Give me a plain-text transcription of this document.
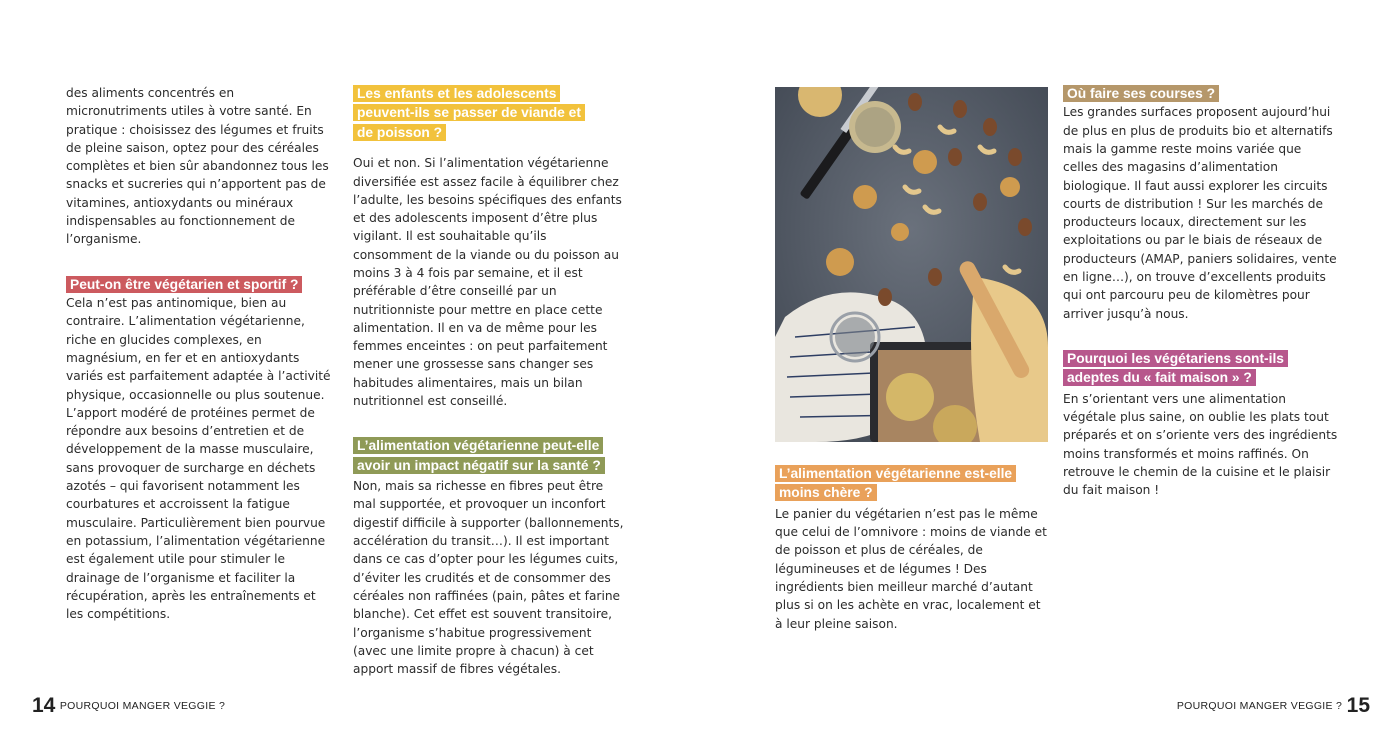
des aliments concentrés en micronutriments utiles à votre santé. En pratique : choisissez des légumes et fruits de pleine saison, optez pour des céréales complètes et bien sûr abandonnez tous les snacks et sucreries qui n’apportent pas de vitamines, antioxydants ou minéraux indispensables au fonctionnement de l’organisme.

Peut-on être végétarien et sportif ?

Cela n’est pas antinomique, bien au contraire. L’alimentation végétarienne, riche en glucides complexes, en magnésium, en fer et en antioxydants variés est parfaitement adaptée à l’activité physique, occasionnelle ou plus soutenue. L’apport modéré de protéines permet de répondre aux besoins d’entretien et de développement de la masse musculaire, sans provoquer de surcharge en déchets azotés – qui favorisent notamment les courbatures et accroissent la fatigue musculaire. Particulièrement bien pourvue en potassium, l’alimentation végétarienne est également utile pour stimuler le drainage de l’organisme et faciliter la récupération, après les entraînements et les compétitions.

Les enfants et les adolescents peuvent-ils se passer de viande et de poisson ?

Oui et non. Si l’alimentation végétarienne diversifiée est assez facile à équilibrer chez l’adulte, les besoins spécifiques des enfants et des adolescents imposent d’être plus vigilant. Il est souhaitable qu’ils consomment de la viande ou du poisson au moins 3 à 4 fois par semaine, et il est préférable d’être conseillé par un nutritionniste pour mettre en place cette alimentation. Il en va de même pour les femmes enceintes : on peut parfaitement mener une grossesse sans changer ses habitudes alimentaires, mais un bilan nutritionnel est conseillé.

L’alimentation végétarienne peut-elle avoir un impact négatif sur la santé ?

Non, mais sa richesse en fibres peut être mal supportée, et provoquer un inconfort digestif difficile à supporter (ballonnements, accélération du transit…). Il est important dans ce cas d’opter pour les légumes cuits, d’éviter les crudités et de consommer des céréales non raffinées (pain, pâtes et farine blanche). Cet effet est souvent transitoire, l’organisme s’habitue progressivement (avec une limite propre à chacun) à cet apport massif de fibres végétales.

L’alimentation végétarienne est-elle moins chère ?

Le panier du végétarien n’est pas le même que celui de l’omnivore : moins de viande et de poisson et plus de céréales, de légumineuses et de légumes ! Des ingrédients bien meilleur marché d’autant plus si on les achète en vrac, localement et à leur pleine saison.

Où faire ses courses ?

Les grandes surfaces proposent aujourd’hui de plus en plus de produits bio et alternatifs mais la gamme reste moins variée que celles des magasins d’alimentation biologique. Il faut aussi explorer les circuits courts de distribution ! Sur les marchés de producteurs locaux, directement sur les exploitations ou par le biais de réseaux de producteurs (AMAP, paniers solidaires, vente en ligne…), on trouve d’excellents produits qui ont parcouru peu de kilomètres pour arriver jusqu’à nous.

Pourquoi les végétariens sont-ils adeptes du « fait maison » ?

En s’orientant vers une alimentation végétale plus saine, on oublie les plats tout préparés et on s’oriente vers des ingrédients moins transformés et moins raffinés. On retrouve le chemin de la cuisine et le plaisir du fait maison !

14 POURQUOI MANGER VEGGIE ?	POURQUOI MANGER VEGGIE ? 15
